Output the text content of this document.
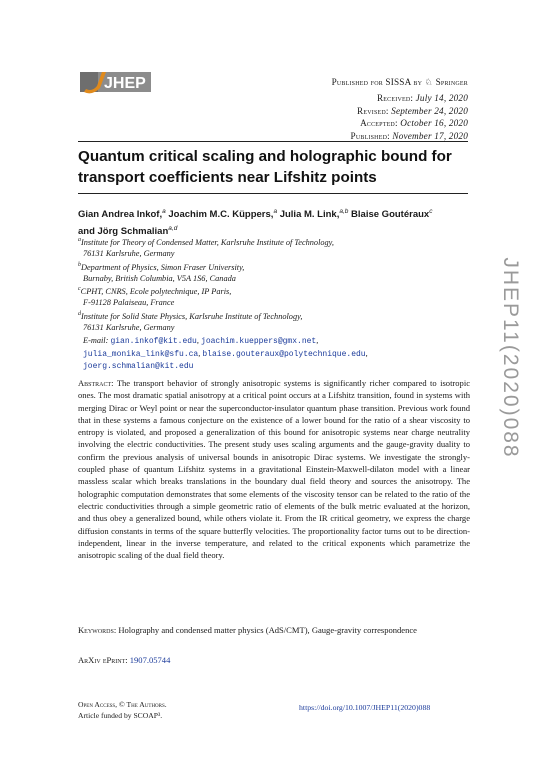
JHEP	Published for SISSA by ♘ Springer
Received: July 14, 2020
Revised: September 24, 2020
Accepted: October 16, 2020
Published: November 17, 2020
Quantum critical scaling and holographic bound for
transport coefficients near Lifshitz points
Gian Andrea Inkof,$^a$ Joachim M.C. Küppers,$^a$ Julia M. Link,$^{a,b}$ Blaise Goutéraux$^c$
and Jörg Schmalian$^{a,d}$
$^a$Institute for Theory of Condensed Matter, Karlsruhe Institute of Technology,
76131 Karlsruhe, Germany
$^b$Department of Physics, Simon Fraser University,
Burnaby, British Columbia, V5A 1S6, Canada
$^c$CPHT, CNRS, Ecole polytechnique, IP Paris,
F-91128 Palaiseau, France
$^d$Institute for Solid State Physics, Karlsruhe Institute of Technology,
76131 Karlsruhe, Germany
E-mail: gian.inkof@kit.edu, joachim.kueppers@gmx.net,
julia_monika_link@sfu.ca, blaise.gouteraux@polytechnique.edu,
joerg.schmalian@kit.edu
Abstract: The transport behavior of strongly anisotropic systems is significantly richer compared to isotropic ones. The most dramatic spatial anisotropy at a critical point occurs at a Lifshitz transition, found in systems with merging Dirac or Weyl point or near the superconductor-insulator quantum phase transition. Previous work found that in these systems a famous conjecture on the existence of a lower bound for the ratio of a shear viscosity to entropy is violated, and proposed a generalization of this bound for anisotropic systems near charge neutrality involving the electric conductivities. The present study uses scaling arguments and the gauge-gravity duality to confirm the previous analysis of universal bounds in anisotropic Dirac systems. We investigate the strongly-coupled phase of quantum Lifshitz systems in a gravitational Einstein-Maxwell-dilaton model with a linear massless scalar which breaks translations in the boundary dual field theory and sources the anisotropy. The holographic computation demonstrates that some elements of the viscosity tensor can be related to the ratio of the electric conductivities through a simple geometric ratio of elements of the bulk metric evaluated at the horizon, and thus obey a generalized bound, while others violate it. From the IR critical geometry, we express the charge diffusion constants in terms of the square butterfly velocities. The proportionality factor turns out to be direction-independent, linear in the inverse temperature, and related to the critical exponents which parametrize the anisotropic scaling of the dual field theory.
Keywords: Holography and condensed matter physics (AdS/CMT), Gauge-gravity correspondence
ArXiv ePrint: 1907.05744
Open Access, © The Authors.
Article funded by SCOAP³.
https://doi.org/10.1007/JHEP11(2020)088
JHEP11(2020)088
